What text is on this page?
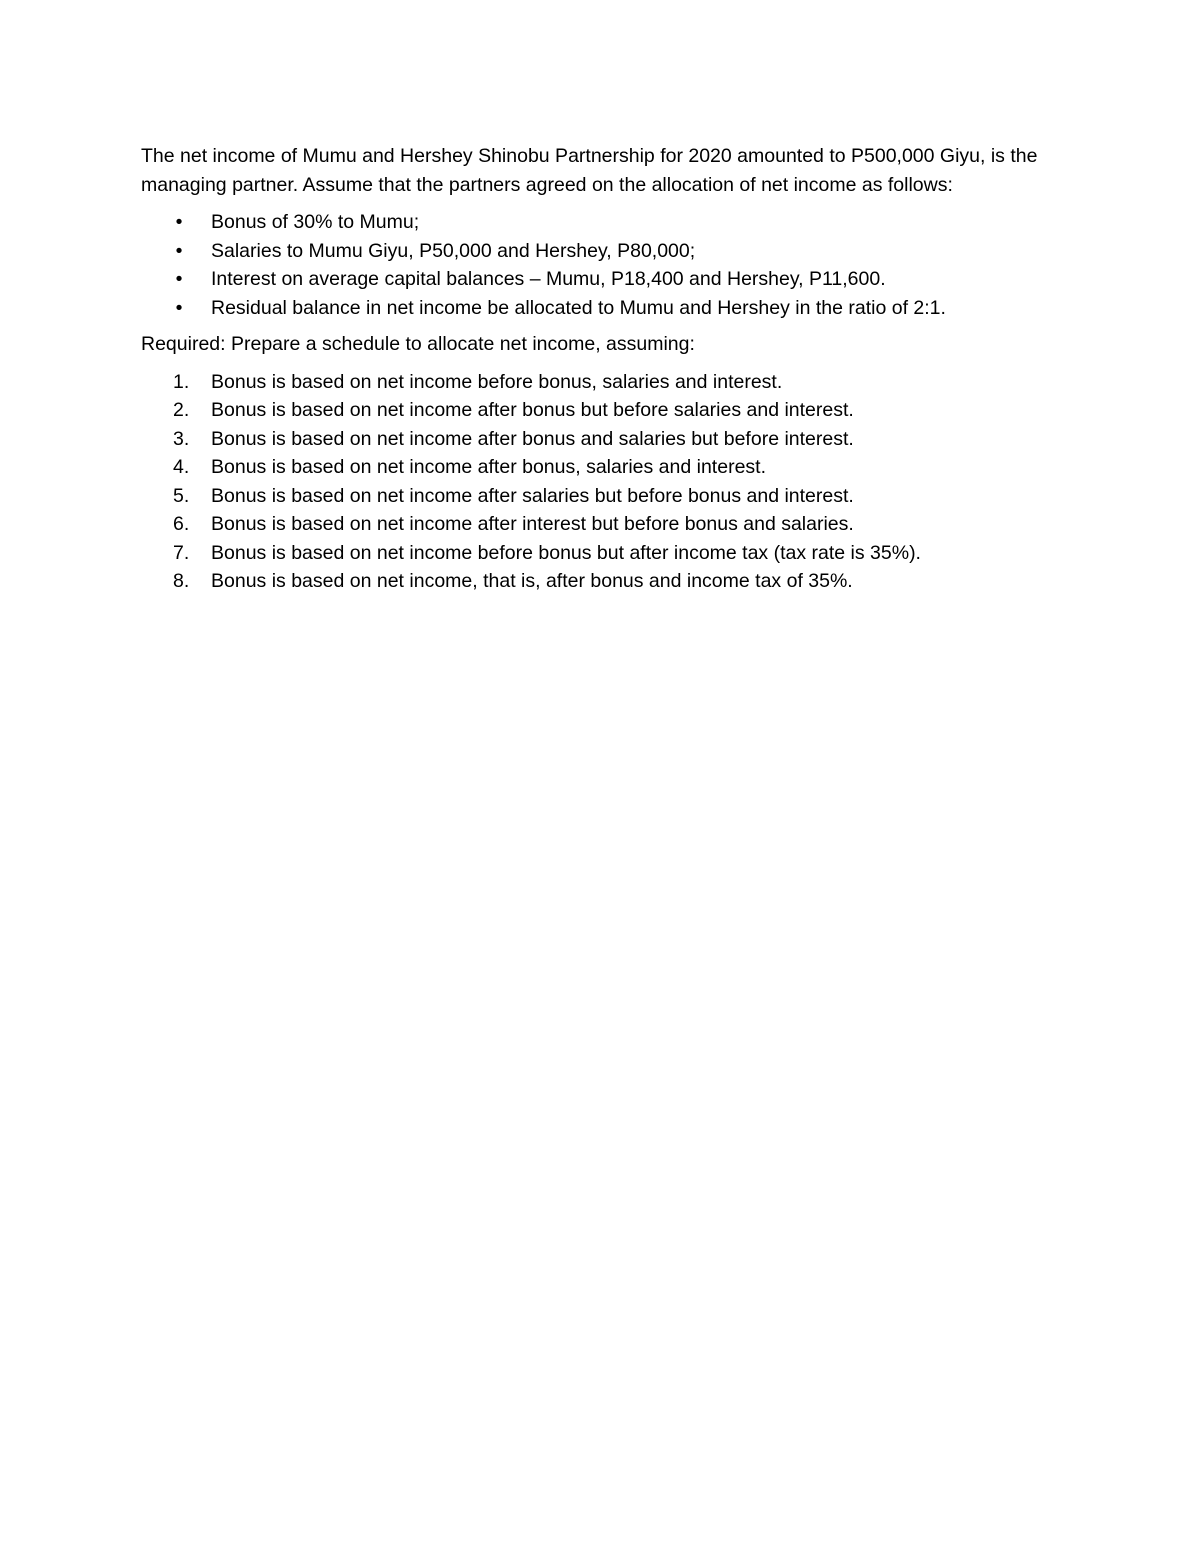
The net income of Mumu and Hershey Shinobu Partnership for 2020 amounted to P500,000 Giyu, is the managing partner. Assume that the partners agreed on the allocation of net income as follows:

• Bonus of 30% to Mumu;
• Salaries to Mumu Giyu, P50,000 and Hershey, P80,000;
• Interest on average capital balances – Mumu, P18,400 and Hershey, P11,600.
• Residual balance in net income be allocated to Mumu and Hershey in the ratio of 2:1.

Required: Prepare a schedule to allocate net income, assuming:

1.	Bonus is based on net income before bonus, salaries and interest.
2.	Bonus is based on net income after bonus but before salaries and interest.
3.	Bonus is based on net income after bonus and salaries but before interest.
4.	Bonus is based on net income after bonus, salaries and interest.
5.	Bonus is based on net income after salaries but before bonus and interest.
6.	Bonus is based on net income after interest but before bonus and salaries.
7.	Bonus is based on net income before bonus but after income tax (tax rate is 35%).
8.	Bonus is based on net income, that is, after bonus and income tax of 35%.
